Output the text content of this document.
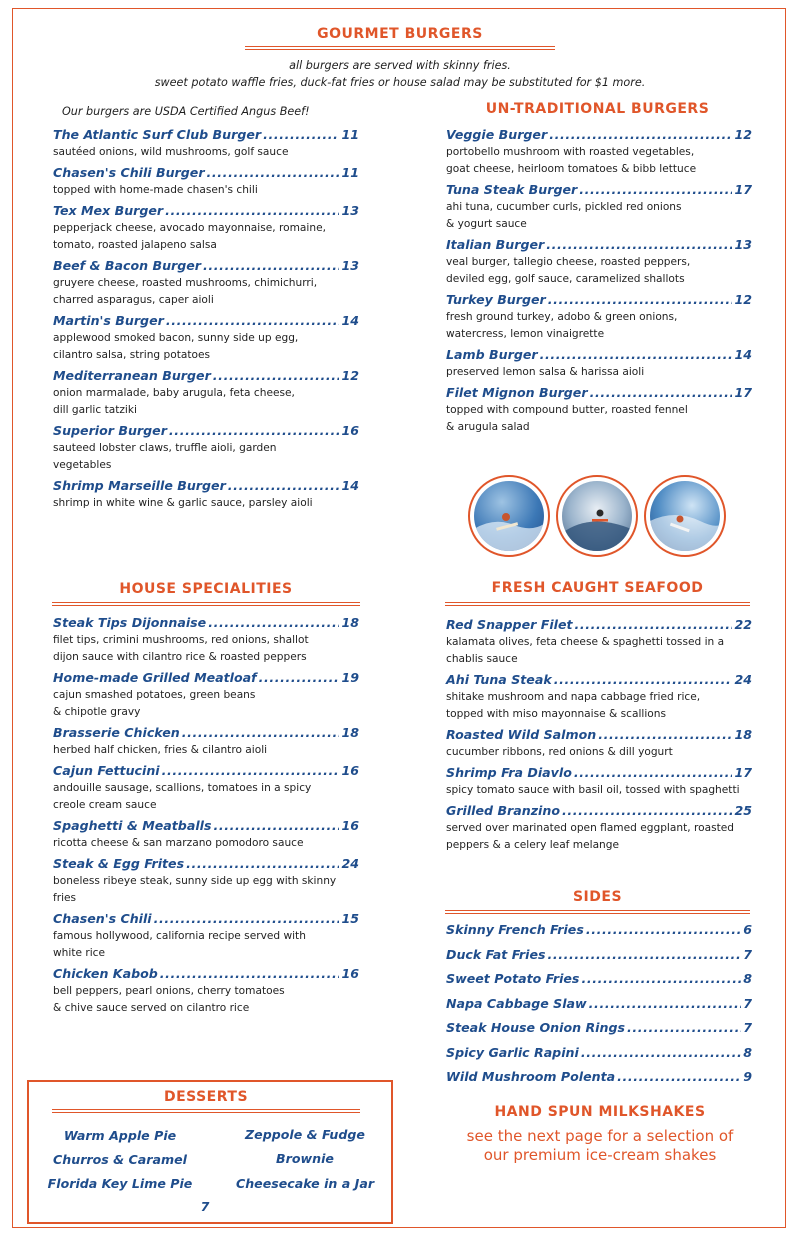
GOURMET BURGERS
all burgers are served with skinny fries.
sweet potato waffle fries, duck-fat fries or house salad may be substituted for $1 more.
Our burgers are USDA Certified Angus Beef!
The Atlantic Surf Club Burger .....	11
sautéed onions, wild mushrooms, golf sauce
Chasen's Chili Burger .....	11
topped with home-made chasen's chili
Tex Mex Burger .....	13
pepperjack cheese, avocado mayonnaise, romaine,
tomato, roasted jalapeno salsa
Beef & Bacon Burger .....	13
gruyere cheese, roasted mushrooms, chimichurri,
charred asparagus, caper aioli
Martin's Burger .....	14
applewood smoked bacon, sunny side up egg,
cilantro salsa, string potatoes
Mediterranean Burger .....	12
onion marmalade, baby arugula, feta cheese,
dill garlic tatziki
Superior Burger .....	16
sauteed lobster claws, truffle aioli, garden
vegetables
Shrimp Marseille Burger .....	14
shrimp in white wine & garlic sauce, parsley aioli
UN-TRADITIONAL BURGERS
Veggie Burger .....	12
portobello mushroom with roasted vegetables,
goat cheese, heirloom tomatoes & bibb lettuce
Tuna Steak Burger .....	17
ahi tuna, cucumber curls, pickled red onions
& yogurt sauce
Italian Burger .....	13
veal burger, tallegio cheese, roasted peppers,
deviled egg, golf sauce, caramelized shallots
Turkey Burger .....	12
fresh ground turkey, adobo & green onions,
watercress, lemon vinaigrette
Lamb Burger .....	14
preserved lemon salsa & harissa aioli
Filet Mignon Burger .....	17
topped with compound butter, roasted fennel
& arugula salad
HOUSE SPECIALITIES
Steak Tips Dijonnaise .....	18
filet tips, crimini mushrooms, red onions, shallot
dijon sauce with cilantro rice & roasted peppers
Home-made Grilled Meatloaf .....	19
cajun smashed potatoes, green beans
& chipotle gravy
Brasserie Chicken .....	18
herbed half chicken, fries & cilantro aioli
Cajun Fettucini .....	16
andouille sausage, scallions, tomatoes in a spicy
creole cream sauce
Spaghetti & Meatballs .....	16
ricotta cheese & san marzano pomodoro sauce
Steak & Egg Frites .....	24
boneless ribeye steak, sunny side up egg with skinny
fries
Chasen's Chili .....	15
famous hollywood, california recipe served with
white rice
Chicken Kabob .....	16
bell peppers, pearl onions, cherry tomatoes
& chive sauce served on cilantro rice
FRESH CAUGHT SEAFOOD
Red Snapper Filet .....	22
kalamata olives, feta cheese & spaghetti tossed in a
chablis sauce
Ahi Tuna Steak .....	24
shitake mushroom and napa cabbage fried rice,
topped with miso mayonnaise & scallions
Roasted Wild Salmon .....	18
cucumber ribbons, red onions & dill yogurt
Shrimp Fra Diavlo .....	17
spicy tomato sauce with basil oil, tossed with spaghetti
Grilled Branzino .....	25
served over marinated open flamed eggplant, roasted
peppers & a celery leaf melange
SIDES
Skinny French Fries .....	6
Duck Fat Fries .....	7
Sweet Potato Fries .....	8
Napa Cabbage Slaw .....	7
Steak House Onion Rings .....	7
Spicy Garlic Rapini .....	8
Wild Mushroom Polenta .....	9
DESSERTS
Warm Apple Pie
Churros & Caramel
Florida Key Lime Pie
Zeppole & Fudge
Brownie
Cheesecake in a Jar
7
HAND SPUN MILKSHAKES
see the next page for a selection of
our premium ice-cream shakes
